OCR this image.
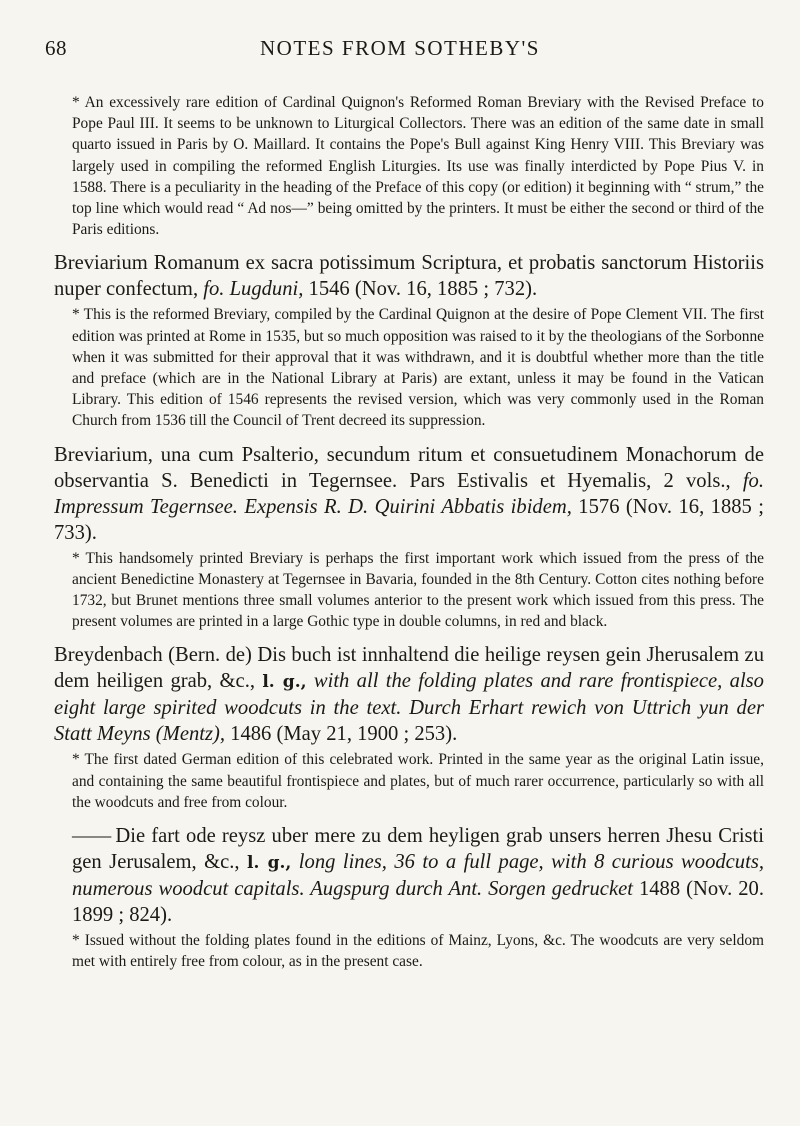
68	NOTES FROM SOTHEBY'S

* An excessively rare edition of Cardinal Quignon's Reformed Roman Breviary with the Revised Preface to Pope Paul III. It seems to be unknown to Liturgical Collectors. There was an edition of the same date in small quarto issued in Paris by O. Maillard. It contains the Pope's Bull against King Henry VIII. This Breviary was largely used in compiling the reformed English Liturgies. Its use was finally interdicted by Pope Pius V. in 1588. There is a peculiarity in the heading of the Preface of this copy (or edition) it beginning with “ strum,” the top line which would read “ Ad nos—” being omitted by the printers. It must be either the second or third of the Paris editions.

Breviarium Romanum ex sacra potissimum Scriptura, et probatis sanctorum Historiis nuper confectum, fo. Lugduni, 1546 (Nov. 16, 1885 ; 732).

* This is the reformed Breviary, compiled by the Cardinal Quignon at the desire of Pope Clement VII. The first edition was printed at Rome in 1535, but so much opposition was raised to it by the theologians of the Sorbonne when it was submitted for their approval that it was withdrawn, and it is doubtful whether more than the title and preface (which are in the National Library at Paris) are extant, unless it may be found in the Vatican Library. This edition of 1546 represents the revised version, which was very commonly used in the Roman Church from 1536 till the Council of Trent decreed its suppression.

Breviarium, una cum Psalterio, secundum ritum et consuetudinem Monachorum de observantia S. Benedicti in Tegernsee. Pars Estivalis et Hyemalis, 2 vols., fo. Impressum Tegernsee. Expensis R. D. Quirini Abbatis ibidem, 1576 (Nov. 16, 1885 ; 733).

* This handsomely printed Breviary is perhaps the first important work which issued from the press of the ancient Benedictine Monastery at Tegernsee in Bavaria, founded in the 8th Century. Cotton cites nothing before 1732, but Brunet mentions three small volumes anterior to the present work which issued from this press. The present volumes are printed in a large Gothic type in double columns, in red and black.

Breydenbach (Bern. de) Dis buch ist innhaltend die heilige reysen gein Jherusalem zu dem heiligen grab, &c., l. g., with all the folding plates and rare frontispiece, also eight large spirited woodcuts in the text. Durch Erhart rewich von Uttrich yun der Statt Meyns (Mentz), 1486 (May 21, 1900 ; 253).

* The first dated German edition of this celebrated work. Printed in the same year as the original Latin issue, and containing the same beautiful frontispiece and plates, but of much rarer occurrence, particularly so with all the woodcuts and free from colour.

—— Die fart ode reysz uber mere zu dem heyligen grab unsers herren Jhesu Cristi gen Jerusalem, &c., l. g., long lines, 36 to a full page, with 8 curious woodcuts, numerous woodcut capitals. Augspurg durch Ant. Sorgen gedrucket 1488 (Nov. 20. 1899 ; 824).

* Issued without the folding plates found in the editions of Mainz, Lyons, &c. The woodcuts are very seldom met with entirely free from colour, as in the present case.
